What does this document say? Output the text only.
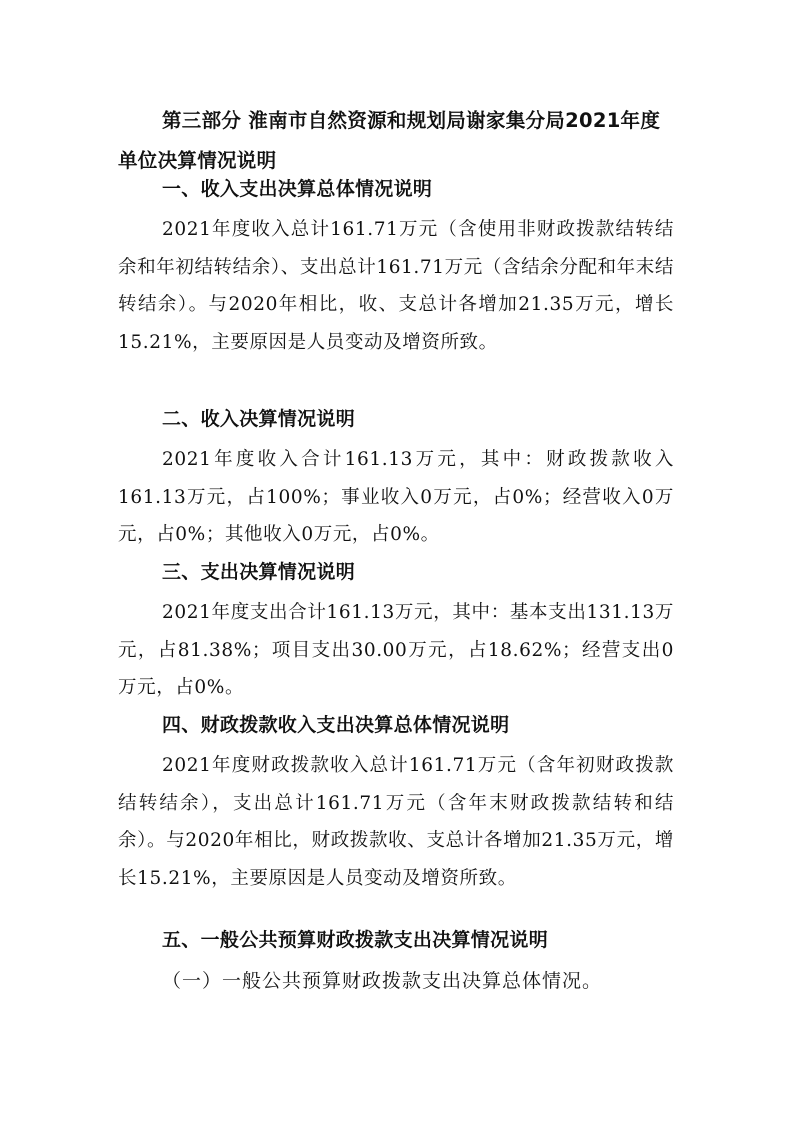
第三部分 淮南市自然资源和规划局谢家集分局2021年度单位决算情况说明
一、收入支出决算总体情况说明
2021年度收入总计161.71万元（含使用非财政拨款结转结余和年初结转结余）、支出总计161.71万元（含结余分配和年末结转结余）。与2020年相比，收、支总计各增加21.35万元，增长15.21%，主要原因是人员变动及增资所致。
二、收入决算情况说明
2021年度收入合计161.13万元，其中：财政拨款收入161.13万元，占100%；事业收入0万元，占0%；经营收入0万元，占0%；其他收入0万元，占0%。
三、支出决算情况说明
2021年度支出合计161.13万元，其中：基本支出131.13万元，占81.38%；项目支出30.00万元，占18.62%；经营支出0万元，占0%。
四、财政拨款收入支出决算总体情况说明
2021年度财政拨款收入总计161.71万元（含年初财政拨款结转结余），支出总计161.71万元（含年末财政拨款结转和结余）。与2020年相比，财政拨款收、支总计各增加21.35万元，增长15.21%，主要原因是人员变动及增资所致。
五、一般公共预算财政拨款支出决算情况说明
（一）一般公共预算财政拨款支出决算总体情况。
